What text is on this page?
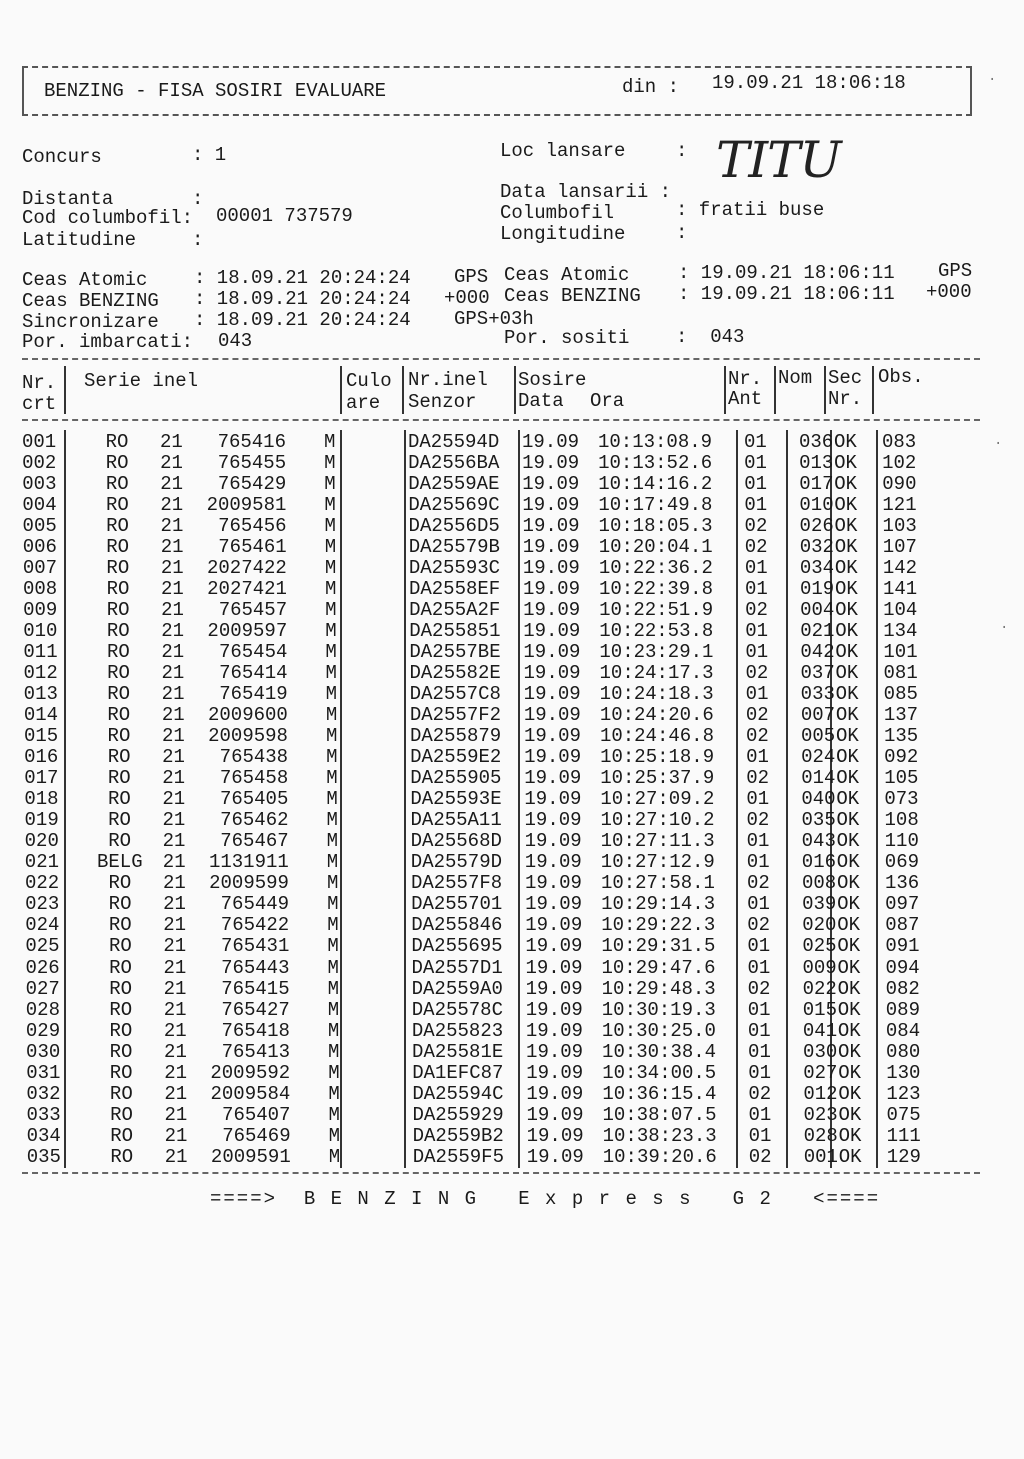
BENZING - FISA SOSIRI EVALUARE	din : 19.09.21 18:06:18
Concurs	: 1	Loc lansare	: TITU
Distanta	:	Data lansarii :
Cod columbofil: 00001 737579	Columbofil	: fratii buse
Latitudine	:	Longitudine	:
Ceas Atomic : 18.09.21 20:24:24 GPS Ceas Atomic	: 19.09.21 18:06:11 GPS
Ceas BENZING : 18.09.21 20:24:24 +000 Ceas BENZING : 19.09.21 18:06:11 +000
Sincronizare : 18.09.21 20:24:24 GPS+03h
Por. imbarcati: 043	Por. sositi :  043
Nr.
crt
Serie inel	Culo
are
Nr.inel
Senzor
Sosire
Data Ora
Nr.
Ant
Nom Sec
Nr.
Obs.
001	RO	21	765416 M	DA25594D 19.09 10:13:08.9 01 036 OK 083
002	RO	21	765455 M	DA2556BA 19.09 10:13:52.6 01 013 OK 102
003	RO	21	765429 M	DA2559AE 19.09 10:14:16.2 01 017 OK 090
004	RO	21	2009581 M	DA25569C 19.09 10:17:49.8 01 010 OK 121
005	RO	21	765456 M	DA2556D5 19.09 10:18:05.3 02 026 OK 103
006	RO	21	765461 M	DA25579B 19.09 10:20:04.1 02 032 OK 107
007	RO	21	2027422 M	DA25593C 19.09 10:22:36.2 01 034 OK 142
008	RO	21	2027421 M	DA2558EF 19.09 10:22:39.8 01 019 OK 141
009	RO	21	765457 M	DA255A2F 19.09 10:22:51.9 02 004 OK 104
010	RO	21	2009597 M	DA255851 19.09 10:22:53.8 01 021 OK 134
011	RO	21	765454 M	DA2557BE 19.09 10:23:29.1 01 042 OK 101
012	RO	21	765414 M	DA25582E 19.09 10:24:17.3 02 037 OK 081
013	RO	21	765419 M	DA2557C8 19.09 10:24:18.3 01 033 OK 085
014	RO	21	2009600 M	DA2557F2 19.09 10:24:20.6 02 007 OK 137
015	RO	21	2009598 M	DA255879 19.09 10:24:46.8 02 005 OK 135
016	RO	21	765438 M	DA2559E2 19.09 10:25:18.9 01 024 OK 092
017	RO	21	765458 M	DA255905 19.09 10:25:37.9 02 014 OK 105
018	RO	21	765405 M	DA25593E 19.09 10:27:09.2 01 040 OK 073
019	RO	21	765462 M	DA255A11 19.09 10:27:10.2 02 035 OK 108
020	RO	21	765467 M	DA25568D 19.09 10:27:11.3 01 043 OK 110
021	BELG	21	1131911 M	DA25579D 19.09 10:27:12.9 01 016 OK 069
022	RO	21	2009599 M	DA2557F8 19.09 10:27:58.1 02 008 OK 136
023	RO	21	765449 M	DA255701 19.09 10:29:14.3 01 039 OK 097
024	RO	21	765422 M	DA255846 19.09 10:29:22.3 02 020 OK 087
025	RO	21	765431 M	DA255695 19.09 10:29:31.5 01 025 OK 091
026	RO	21	765443 M	DA2557D1 19.09 10:29:47.6 01 009 OK 094
027	RO	21	765415 M	DA2559A0 19.09 10:29:48.3 02 022 OK 082
028	RO	21	765427 M	DA25578C 19.09 10:30:19.3 01 015 OK 089
029	RO	21	765418 M	DA255823 19.09 10:30:25.0 01 041 OK 084
030	RO	21	765413 M	DA25581E 19.09 10:30:38.4 01 030 OK 080
031	RO	21	2009592 M	DA1EFC87 19.09 10:34:00.5 01 027 OK 130
032	RO	21	2009584 M	DA25594C 19.09 10:36:15.4 02 012 OK 123
033	RO	21	765407 M	DA255929 19.09 10:38:07.5 01 023 OK 075
034	RO	21	765469 M	DA2559B2 19.09 10:38:23.3 01 028 OK 111
035	RO	21	2009591 M	DA2559F5 19.09 10:39:20.6 02 001 OK 129
====>  B E N Z I N G   E x p r e s s   G 2   <====
·
·
·
